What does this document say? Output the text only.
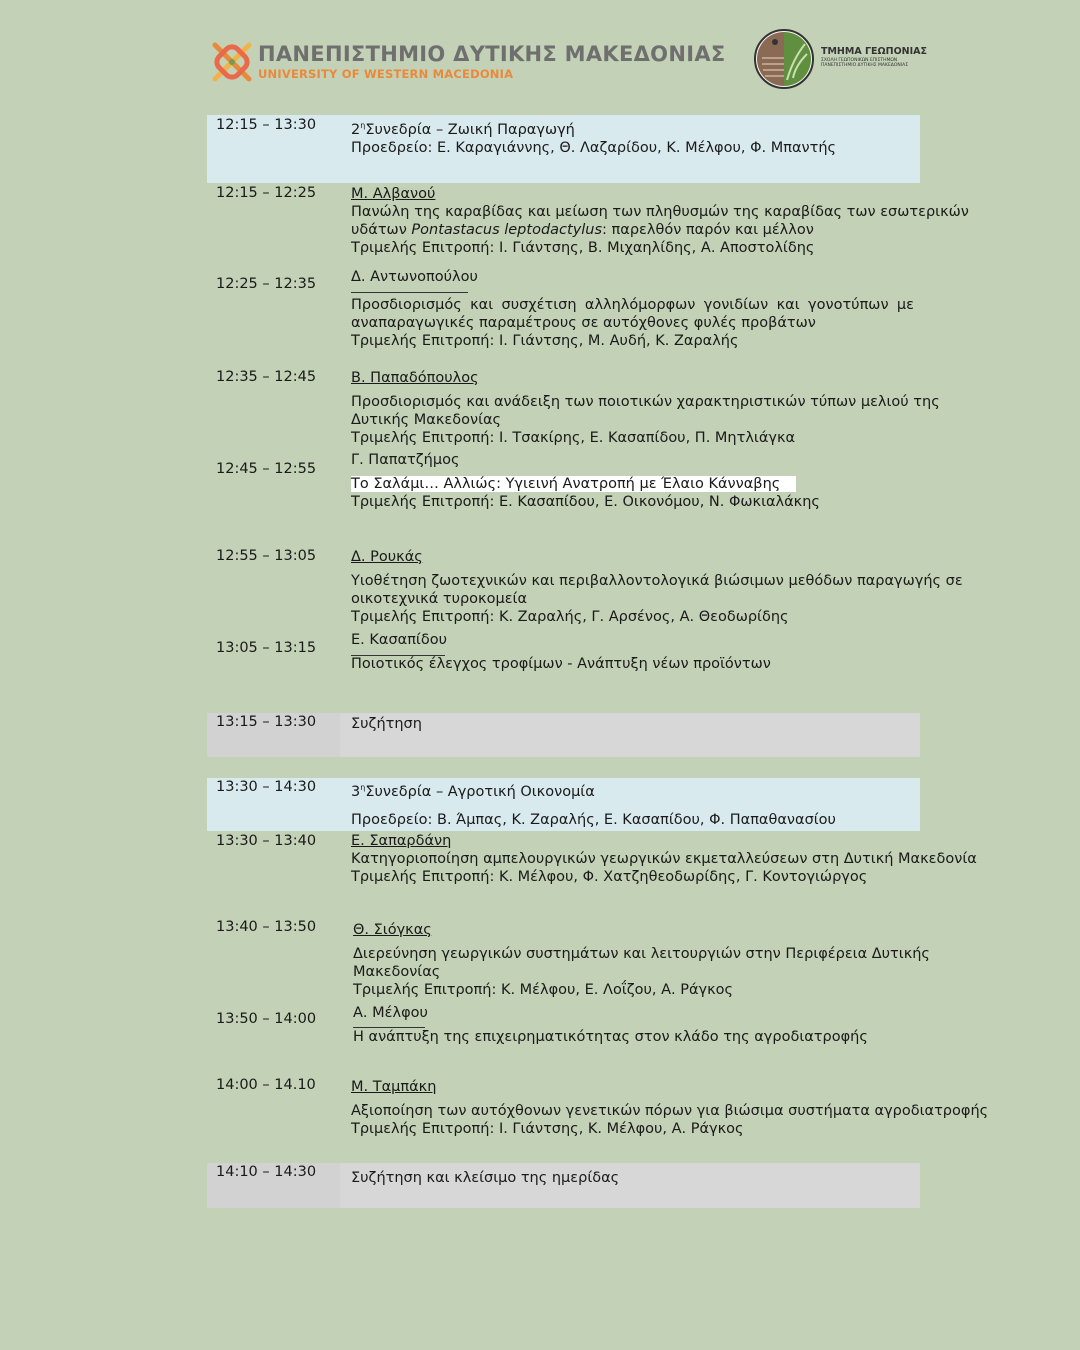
ΠΑΝΕΠΙΣΤΗΜΙΟ ΔΥΤΙΚΗΣ ΜΑΚΕΔΟΝΙΑΣ
UNIVERSITY OF WESTERN MACEDONIA
ΤΜΗΜΑ ΓΕΩΠΟΝΙΑΣ
ΣΧΟΛΗ ΓΕΩΠΟΝΙΚΩΝ ΕΠΙΣΤΗΜΩΝ
ΠΑΝΕΠΙΣΤΗΜΙΟ ΔΥΤΙΚΗΣ ΜΑΚΕΔΟΝΙΑΣ
12:15 – 13:30 $2^\eta\Sigma\upsilon\nu\varepsilon\delta\rho ί\alpha$ – Ζωική Παραγωγή
Προεδρείο: Ε. Καραγιάννης, Θ. Λαζαρίδου, Κ. Μέλφου, Φ. Μπαντής
12:15 – 12:25 Μ. Αλβανού
Πανώλη της καραβίδας και μείωση των πληθυσμών της καραβίδας των εσωτερικών
υδάτων Pontastacus leptodactylus: παρελθόν παρόν και μέλλον
Τριμελής Επιτροπή: Ι. Γιάντσης, Β. Μιχαηλίδης, Α. Αποστολίδης
12:25 – 12:35 Δ. Αντωνοπούλου
Προσδιορισμός και συσχέτιση αλληλόμορφων γονιδίων και γονοτύπων με
αναπαραγωγικές παραμέτρους σε αυτόχθονες φυλές προβάτων
Τριμελής Επιτροπή: Ι. Γιάντσης, Μ. Αυδή, Κ. Ζαραλής
12:35 – 12:45 Β. Παπαδόπουλος
Προσδιορισμός και ανάδειξη των ποιοτικών χαρακτηριστικών τύπων μελιού της
Δυτικής Μακεδονίας
Τριμελής Επιτροπή: Ι. Τσακίρης, Ε. Κασαπίδου, Π. Μητλιάγκα
12:45 – 12:55
Γ. Παπατζήμος
Το Σαλάμι… Αλλιώς: Υγιεινή Ανατροπή με Έλαιο Κάνναβης
Τριμελής Επιτροπή: Ε. Κασαπίδου, Ε. Οικονόμου, Ν. Φωκιαλάκης
12:55 – 13:05 Δ. Ρουκάς
Υιοθέτηση ζωοτεχνικών και περιβαλλοντολογικά βιώσιμων μεθόδων παραγωγής σε
οικοτεχνικά τυροκομεία
Τριμελής Επιτροπή: Κ. Ζαραλής, Γ. Αρσένος, Α. Θεοδωρίδης
13:05 – 13:15 Ε. Κασαπίδου
Ποιοτικός έλεγχος τροφίμων - Ανάπτυξη νέων προϊόντων
13:15 – 13:30 Συζήτηση
13:30 – 14:30 $3^\eta\Sigma\upsilon\nu\varepsilon\delta\rho ί\alpha$ – Αγροτική Οικονομία
Προεδρείο: Β. Άμπας, Κ. Ζαραλής, Ε. Κασαπίδου, Φ. Παπαθανασίου
13:30 – 13:40 Ε. Σαπαρδάνη
Κατηγοριοποίηση αμπελουργικών γεωργικών εκμεταλλεύσεων στη Δυτική Μακεδονία
Τριμελής Επιτροπή: Κ. Μέλφου, Φ. Χατζηθεοδωρίδης, Γ. Κοντογιώργος
13:40 – 13:50	Θ. Σιόγκας
Διερεύνηση γεωργικών συστημάτων και λειτουργιών στην Περιφέρεια Δυτικής
Μακεδονίας
Τριμελής Επιτροπή: Κ. Μέλφου, Ε. Λοΐζου, Α. Ράγκος
13:50 – 14:00	Α. Μέλφου
Η ανάπτυξη της επιχειρηματικότητας στον κλάδο της αγροδιατροφής
14:00 – 14.10 Μ. Ταμπάκη
Αξιοποίηση των αυτόχθονων γενετικών πόρων για βιώσιμα συστήματα αγροδιατροφής
Τριμελής Επιτροπή: Ι. Γιάντσης, Κ. Μέλφου, Α. Ράγκος
14:10 – 14:30 Συζήτηση και κλείσιμο της ημερίδας
